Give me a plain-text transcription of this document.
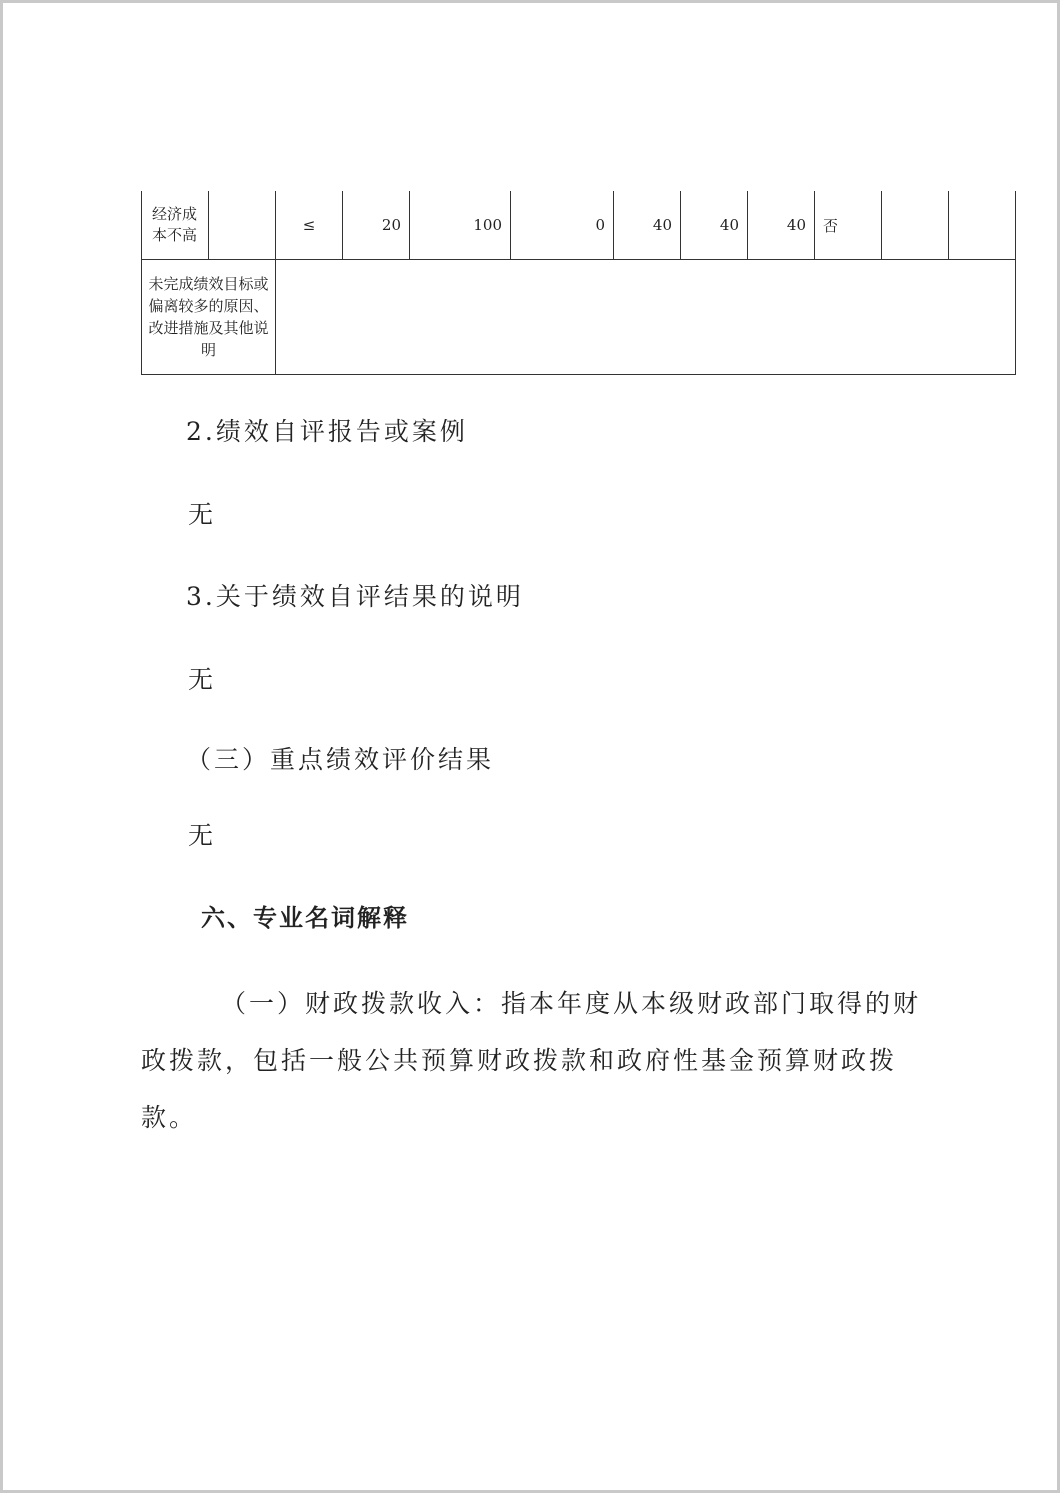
经济成本不高		≤	20	100	0	40	40	40	否		
未完成绩效目标或偏离较多的原因、改进措施及其他说明											
2.绩效自评报告或案例
无
3.关于绩效自评结果的说明
无
（三）重点绩效评价结果
无
六、专业名词解释
（一）财政拨款收入：指本年度从本级财政部门取得的财政拨款，包括一般公共预算财政拨款和政府性基金预算财政拨款。
